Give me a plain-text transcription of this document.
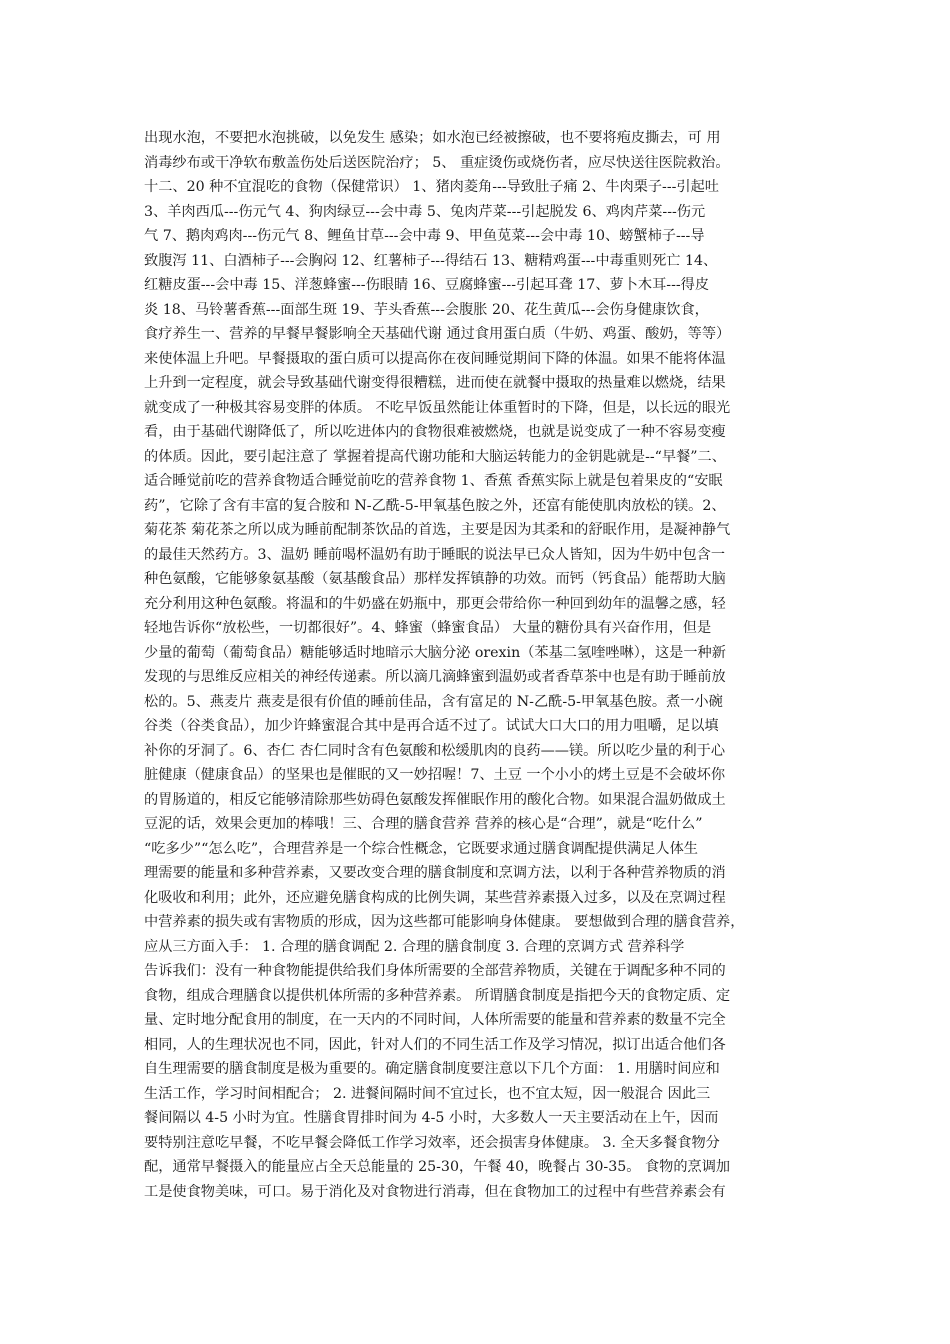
出现水泡，不要把水泡挑破，以免发生 感染；如水泡已经被擦破，也不要将疱皮撕去，可 用
消毒纱布或干净软布敷盖伤处后送医院治疗； 5、 重症烫伤或烧伤者，应尽快送往医院救治。
十二、20 种不宜混吃的食物（保健常识） 1、猪肉菱角---导致肚子痛 2、牛肉栗子---引起吐
3、羊肉西瓜---伤元气 4、狗肉绿豆---会中毒 5、兔肉芹菜---引起脱发 6、鸡肉芹菜---伤元
气 7、鹅肉鸡肉---伤元气 8、鲤鱼甘草---会中毒 9、甲鱼苋菜---会中毒 10、螃蟹柿子---导
致腹泻 11、白酒柿子---会胸闷 12、红薯柿子---得结石 13、糖精鸡蛋---中毒重则死亡 14、
红糖皮蛋---会中毒 15、洋葱蜂蜜---伤眼睛 16、豆腐蜂蜜---引起耳聋 17、萝卜木耳---得皮
炎 18、马铃薯香蕉---面部生斑 19、芋头香蕉---会腹胀 20、花生黄瓜---会伤身健康饮食，
食疗养生一、营养的早餐早餐影响全天基础代谢 通过食用蛋白质（牛奶、鸡蛋、酸奶，等等）
来使体温上升吧。早餐摄取的蛋白质可以提高你在夜间睡觉期间下降的体温。如果不能将体温
上升到一定程度，就会导致基础代谢变得很糟糕，进而使在就餐中摄取的热量难以燃烧，结果
就变成了一种极其容易变胖的体质。 不吃早饭虽然能让体重暂时的下降，但是，以长远的眼光
看，由于基础代谢降低了，所以吃进体内的食物很难被燃烧，也就是说变成了一种不容易变瘦
的体质。因此，要引起注意了 掌握着提高代谢功能和大脑运转能力的金钥匙就是--“早餐”二、
适合睡觉前吃的营养食物适合睡觉前吃的营养食物 1、香蕉 香蕉实际上就是包着果皮的“安眠
药”，它除了含有丰富的复合胺和 N-乙酰-5-甲氧基色胺之外，还富有能使肌肉放松的镁。2、
菊花茶 菊花茶之所以成为睡前配制茶饮品的首选，主要是因为其柔和的舒眠作用，是凝神静气
的最佳天然药方。3、温奶 睡前喝杯温奶有助于睡眠的说法早已众人皆知，因为牛奶中包含一
种色氨酸，它能够象氨基酸（氨基酸食品）那样发挥镇静的功效。而钙（钙食品）能帮助大脑
充分利用这种色氨酸。将温和的牛奶盛在奶瓶中，那更会带给你一种回到幼年的温馨之感，轻
轻地告诉你“放松些，一切都很好”。4、蜂蜜（蜂蜜食品） 大量的糖份具有兴奋作用，但是
少量的葡萄（葡萄食品）糖能够适时地暗示大脑分泌 orexin（苯基二氢喹唑啉），这是一种新
发现的与思维反应相关的神经传递素。所以滴几滴蜂蜜到温奶或者香草茶中也是有助于睡前放
松的。5、燕麦片 燕麦是很有价值的睡前佳品，含有富足的 N-乙酰-5-甲氧基色胺。煮一小碗
谷类（谷类食品），加少许蜂蜜混合其中是再合适不过了。试试大口大口的用力咀嚼，足以填
补你的牙洞了。6、杏仁 杏仁同时含有色氨酸和松缓肌肉的良药——镁。所以吃少量的利于心
脏健康（健康食品）的坚果也是催眠的又一妙招喔！7、土豆 一个小小的烤土豆是不会破坏你
的胃肠道的，相反它能够清除那些妨碍色氨酸发挥催眠作用的酸化合物。如果混合温奶做成土
豆泥的话，效果会更加的棒哦！三、合理的膳食营养 营养的核心是“合理”，就是“吃什么”
“吃多少”“怎么吃”，合理营养是一个综合性概念，它既要求通过膳食调配提供满足人体生
理需要的能量和多种营养素，又要改变合理的膳食制度和烹调方法，以利于各种营养物质的消
化吸收和利用；此外，还应避免膳食构成的比例失调，某些营养素摄入过多，以及在烹调过程
中营养素的损失或有害物质的形成，因为这些都可能影响身体健康。 要想做到合理的膳食营养，
应从三方面入手： 1. 合理的膳食调配 2. 合理的膳食制度 3. 合理的烹调方式 营养科学
告诉我们：没有一种食物能提供给我们身体所需要的全部营养物质，关键在于调配多种不同的
食物，组成合理膳食以提供机体所需的多种营养素。 所谓膳食制度是指把今天的食物定质、定
量、定时地分配食用的制度，在一天内的不同时间，人体所需要的能量和营养素的数量不完全
相同，人的生理状况也不同，因此，针对人们的不同生活工作及学习情况，拟订出适合他们各
自生理需要的膳食制度是极为重要的。确定膳食制度要注意以下几个方面： 1. 用膳时间应和
生活工作，学习时间相配合； 2. 进餐间隔时间不宜过长，也不宜太短，因一般混合 因此三
餐间隔以 4-5 小时为宜。性膳食胃排时间为 4-5 小时，大多数人一天主要活动在上午，因而
要特别注意吃早餐，不吃早餐会降低工作学习效率，还会损害身体健康。 3. 全天多餐食物分
配，通常早餐摄入的能量应占全天总能量的 25-30，午餐 40，晚餐占 30-35。 食物的烹调加
工是使食物美味，可口。易于消化及对食物进行消毒，但在食物加工的过程中有些营养素会有
